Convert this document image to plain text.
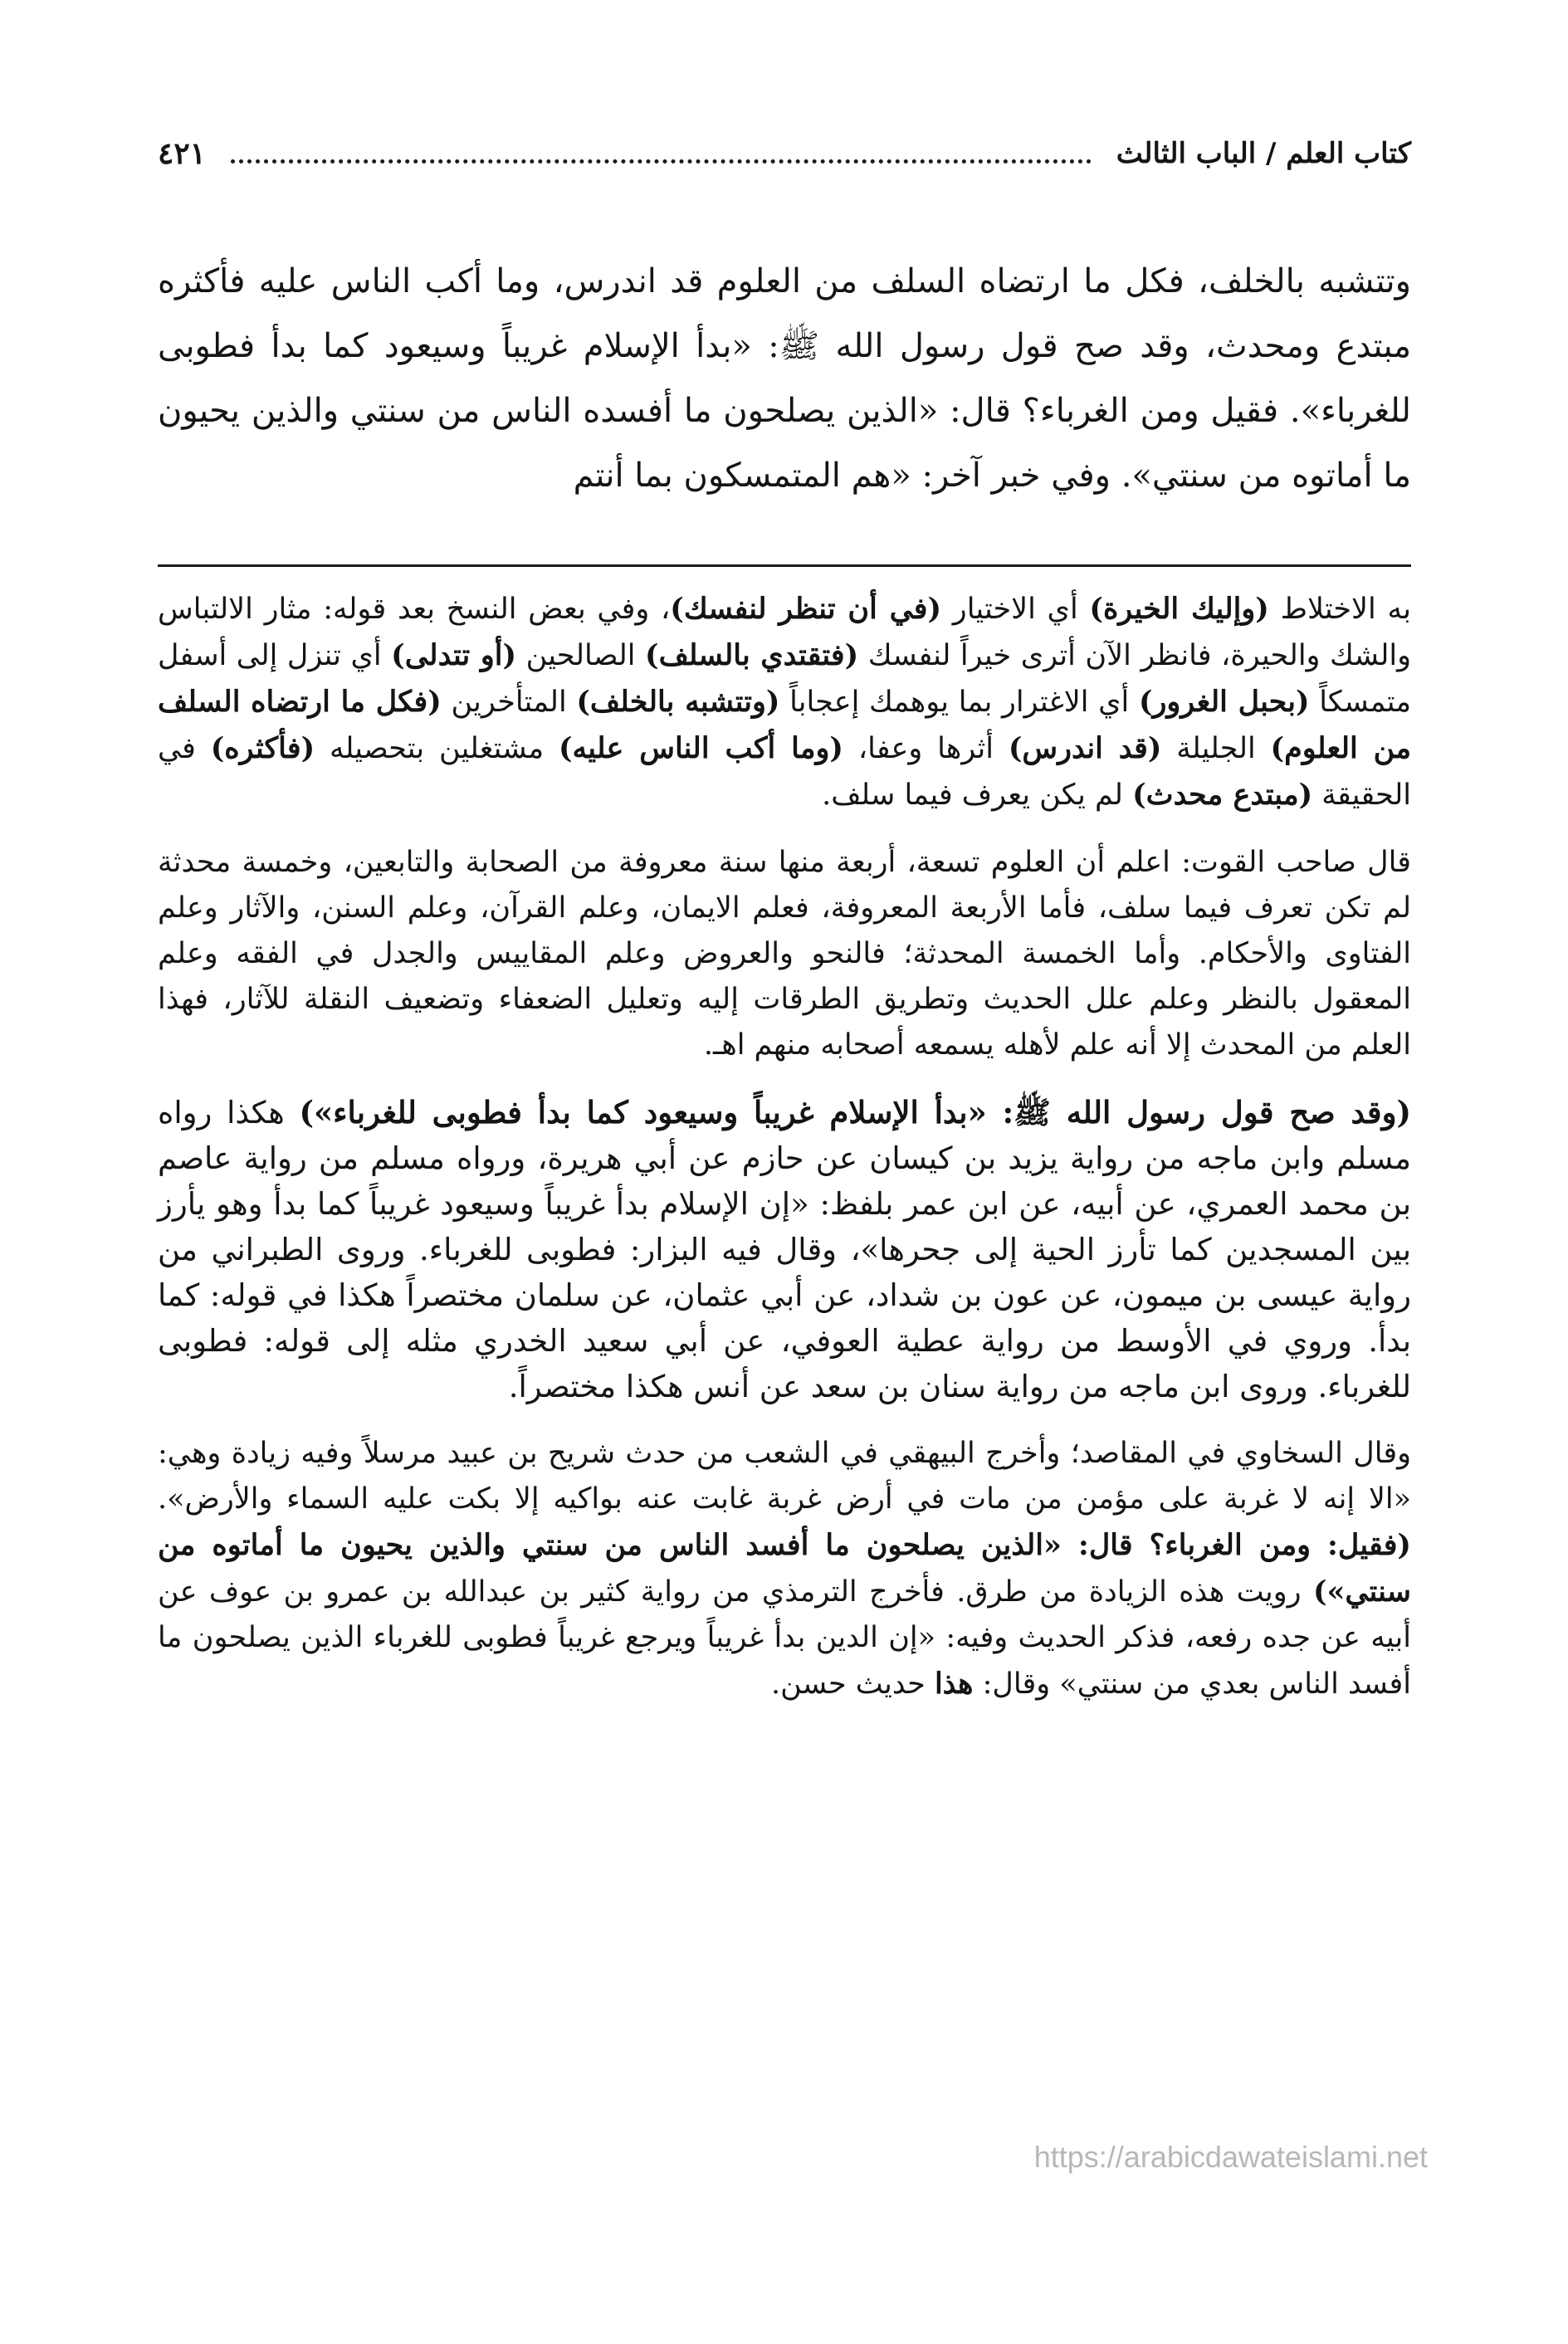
كتاب العلم / الباب الثالث
٤٢١

وتتشبه بالخلف، فكل ما ارتضاه السلف من العلوم قد اندرس، وما أكب الناس عليه فأكثره مبتدع ومحدث، وقد صح قول رسول الله ﷺ: «بدأ الإسلام غريباً وسيعود كما بدأ فطوبى للغرباء». فقيل ومن الغرباء؟ قال: «الذين يصلحون ما أفسده الناس من سنتي والذين يحيون ما أماتوه من سنتي». وفي خبر آخر: «هم المتمسكون بما أنتم

به الاختلاط (وإليك الخيرة) أي الاختيار (في أن تنظر لنفسك)، وفي بعض النسخ بعد قوله: مثار الالتباس والشك والحيرة، فانظر الآن أترى خيراً لنفسك (فتقتدي بالسلف) الصالحين (أو تتدلى) أي تنزل إلى أسفل متمسكاً (بحبل الغرور) أي الاغترار بما يوهمك إعجاباً (وتتشبه بالخلف) المتأخرين (فكل ما ارتضاه السلف من العلوم) الجليلة (قد اندرس) أثرها وعفا، (وما أكب الناس عليه) مشتغلين بتحصيله (فأكثره) في الحقيقة (مبتدع محدث) لم يكن يعرف فيما سلف.

قال صاحب القوت: اعلم أن العلوم تسعة، أربعة منها سنة معروفة من الصحابة والتابعين، وخمسة محدثة لم تكن تعرف فيما سلف، فأما الأربعة المعروفة، فعلم الايمان، وعلم القرآن، وعلم السنن، والآثار وعلم الفتاوى والأحكام. وأما الخمسة المحدثة؛ فالنحو والعروض وعلم المقاييس والجدل في الفقه وعلم المعقول بالنظر وعلم علل الحديث وتطريق الطرقات إليه وتعليل الضعفاء وتضعيف النقلة للآثار، فهذا العلم من المحدث إلا أنه علم لأهله يسمعه أصحابه منهم اهـ.

(وقد صح قول رسول الله ﷺ: «بدأ الإسلام غريباً وسيعود كما بدأ فطوبى للغرباء») هكذا رواه مسلم وابن ماجه من رواية يزيد بن كيسان عن حازم عن أبي هريرة، ورواه مسلم من رواية عاصم بن محمد العمري، عن أبيه، عن ابن عمر بلفظ: «إن الإسلام بدأ غريباً وسيعود غريباً كما بدأ وهو يأرز بين المسجدين كما تأرز الحية إلى جحرها»، وقال فيه البزار: فطوبى للغرباء. وروى الطبراني من رواية عيسى بن ميمون، عن عون بن شداد، عن أبي عثمان، عن سلمان مختصراً هكذا في قوله: كما بدأ. وروي في الأوسط من رواية عطية العوفي، عن أبي سعيد الخدري مثله إلى قوله: فطوبى للغرباء. وروى ابن ماجه من رواية سنان بن سعد عن أنس هكذا مختصراً.

وقال السخاوي في المقاصد؛ وأخرج البيهقي في الشعب من حدث شريح بن عبيد مرسلاً وفيه زيادة وهي: «الا إنه لا غربة على مؤمن من مات في أرض غربة غابت عنه بواكيه إلا بكت عليه السماء والأرض». (فقيل: ومن الغرباء؟ قال: «الذين يصلحون ما أفسد الناس من سنتي والذين يحيون ما أماتوه من سنتي») رويت هذه الزيادة من طرق. فأخرج الترمذي من رواية كثير بن عبدالله بن عمرو بن عوف عن أبيه عن جده رفعه، فذكر الحديث وفيه: «إن الدين بدأ غريباً ويرجع غريباً فطوبى للغرباء الذين يصلحون ما أفسد الناس بعدي من سنتي» وقال: هذا حديث حسن.

https://arabicdawateislami.net
